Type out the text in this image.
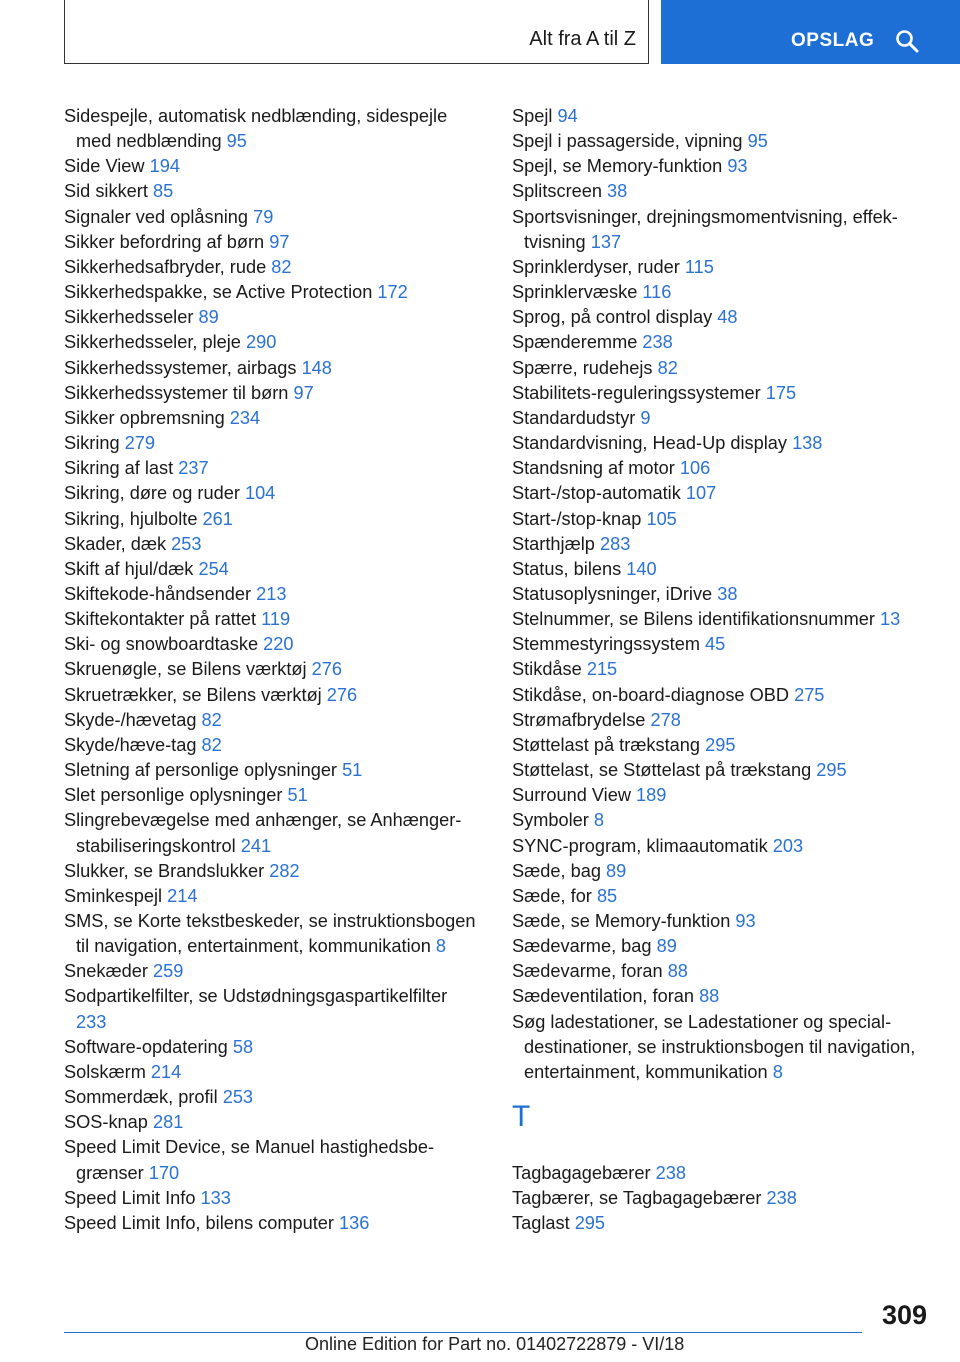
Alt fra A til Z	OPSLAG
Sidespejle, automatisk nedblænding, sidespejle med nedblænding 95
Side View 194
Sid sikkert 85
Signaler ved oplåsning 79
Sikker befordring af børn 97
Sikkerhedsafbryder, rude 82
Sikkerhedspakke, se Active Protection 172
Sikkerhedsseler 89
Sikkerhedsseler, pleje 290
Sikkerhedssystemer, airbags 148
Sikkerhedssystemer til børn 97
Sikker opbremsning 234
Sikring 279
Sikring af last 237
Sikring, døre og ruder 104
Sikring, hjulbolte 261
Skader, dæk 253
Skift af hjul/dæk 254
Skiftekode-håndsender 213
Skiftekontakter på rattet 119
Ski- og snowboardtaske 220
Skruenøgle, se Bilens værktøj 276
Skruetrækker, se Bilens værktøj 276
Skyde-/hævetag 82
Skyde/hæve-tag 82
Sletning af personlige oplysninger 51
Slet personlige oplysninger 51
Slingrebevægelse med anhænger, se Anhænger-stabiliseringskontrol 241
Slukker, se Brandslukker 282
Sminkespejl 214
SMS, se Korte tekstbeskeder, se instruktionsbogen til navigation, entertainment, kommunikation 8
Snekæder 259
Sodpartikelfilter, se Udstødningsgaspartikelfilter 233
Software-opdatering 58
Solskærm 214
Sommerdæk, profil 253
SOS-knap 281
Speed Limit Device, se Manuel hastighedsbegrænser 170
Speed Limit Info 133
Speed Limit Info, bilens computer 136
Spejl 94
Spejl i passagerside, vipning 95
Spejl, se Memory-funktion 93
Splitscreen 38
Sportsvisninger, drejningsmomentvisning, effektvisning 137
Sprinklerdyser, ruder 115
Sprinklervæske 116
Sprog, på control display 48
Spænderemme 238
Spærre, rudehejs 82
Stabilitets-reguleringssystemer 175
Standardudstyr 9
Standardvisning, Head-Up display 138
Standsning af motor 106
Start-/stop-automatik 107
Start-/stop-knap 105
Starthjælp 283
Status, bilens 140
Statusoplysninger, iDrive 38
Stelnummer, se Bilens identifikationsnummer 13
Stemmestyringssystem 45
Stikdåse 215
Stikdåse, on-board-diagnose OBD 275
Strømafbrydelse 278
Støttelast på trækstang 295
Støttelast, se Støttelast på trækstang 295
Surround View 189
Symboler 8
SYNC-program, klimaautomatik 203
Sæde, bag 89
Sæde, for 85
Sæde, se Memory-funktion 93
Sædevarme, bag 89
Sædevarme, foran 88
Sædeventilation, foran 88
Søg ladestationer, se Ladestationer og specialdestinationer, se instruktionsbogen til navigation, entertainment, kommunikation 8
T
Tagbagagebærer 238
Tagbærer, se Tagbagagebærer 238
Taglast 295
309
Online Edition for Part no. 01402722879 - VI/18
